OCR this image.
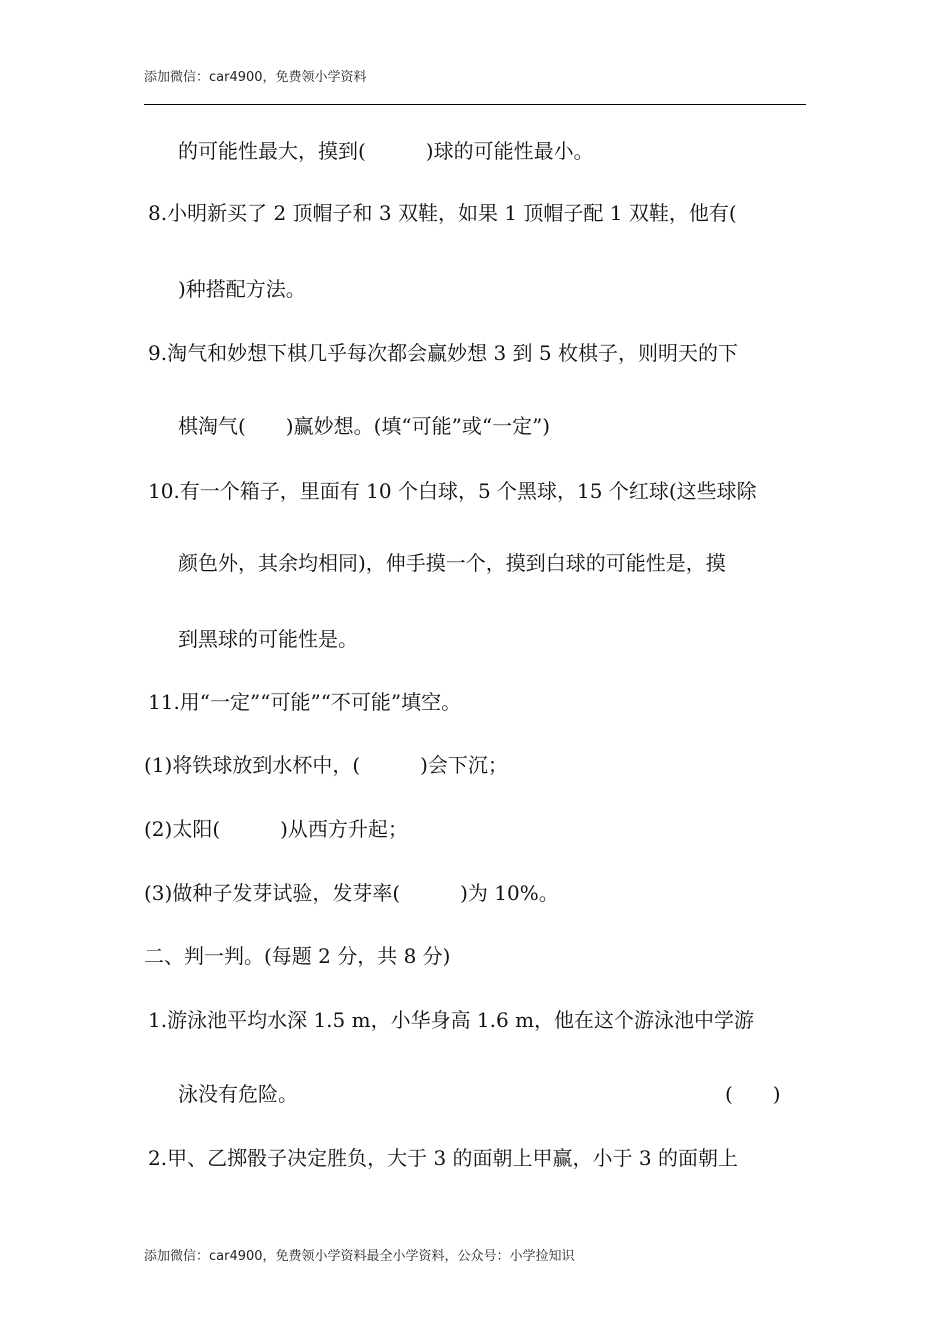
添加微信：car4900，免费领小学资料
的可能性最大，摸到(　　　)球的可能性最小。
8.小明新买了 2 顶帽子和 3 双鞋，如果 1 顶帽子配 1 双鞋，他有(
)种搭配方法。
9.淘气和妙想下棋几乎每次都会赢妙想 3 到 5 枚棋子，则明天的下
棋淘气(　　)赢妙想。(填“可能”或“一定”)
10.有一个箱子，里面有 10 个白球，5 个黑球，15 个红球(这些球除
颜色外，其余均相同)，伸手摸一个，摸到白球的可能性是，摸
到黑球的可能性是。
11.用“一定”“可能”“不可能”填空。
(1)将铁球放到水杯中，(　　　)会下沉；
(2)太阳(　　　)从西方升起；
(3)做种子发芽试验，发芽率(　　　)为 10%。
二、判一判。(每题 2 分，共 8 分)
1.游泳池平均水深 1.5 m，小华身高 1.6 m，他在这个游泳池中学游
泳没有危险。	(　　)
2.甲、乙掷骰子决定胜负，大于 3 的面朝上甲赢，小于 3 的面朝上
添加微信：car4900，免费领小学资料最全小学资料，公众号：小学捡知识
